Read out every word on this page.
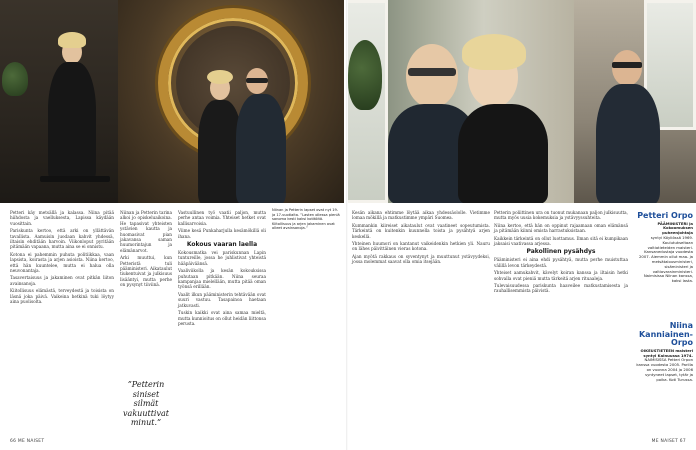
Petteri käy metsällä ja kalassa. Niina pitää hiihdosta ja vaelluksesta, Lapissa käydään vuosittain.

Pariskunta kertoo, että arki on yllättävän tavallista. Aamuisin juodaan kahvit yhdessä, iltaisin ehditään harvoin. Viikonloput pyritään pitämään vapaana, mutta aina se ei onnistu.

Kotona ei pahemmin puhuta politiikkaa, vaan lapsista, koirasta ja arjen asioista. Niina kertoo, että hän kuuntelee, mutta ei halua olla neuvonantaja.

Tasavertaisuus ja jakaminen ovat pitkän liiton avainsanoja.

Kiitollisuus elämästä, terveydestä ja toisista on läsnä joka päivä. Vaikeina hetkinä tuki löytyy aina puolisolta.

”Petterin siniset silmät vakuuttivat minut.”

Niinan ja Petterin tarina alkoi jo opiskeluaikoina. He tapasivat yhteisten ystävien kautta ja huomasivat pian jakavansa saman huumorintajun ja elämänarvot.

Arki muuttui, kun Petteristä tuli pääministeri. Aikataulut tiukentuivat ja julkisuus lisääntyi, mutta perhe on pysynyt tiiviinä.

Vastuullinen työ vaatii paljon, mutta perhe antaa voimia. Yhteiset hetket ovat kallisarvoisia.

Viime kesä Punkaharjulla kesämökillä oli ihana.

Kokous vaaran laella

Kokousmatka vei pariskunnan Lapin tuntureille, jossa he juhlistivat yhteistä hääpäiväänsä.

Vaaliviikolla ja kesän kokouksissa puhutaan pitkään. Niina seuraa kampanjaa mielellään, mutta pitää oman työnsä erillään.

Vaalit ilkun pääministerin tehtävään ovat suuri vastuu. Tasapainoa haetaan jatkuvasti.

Tuskin kaikki ovat aina samaa mieltä, mutta kunnioitus on ollut heidän liittonsa perusta.

Niinan ja Petterin lapset ovat nyt 19- ja 17-vuotiaita. ”Lasten ollessa pieniä sanoma kesti kaksi kotitöitä. Kiitollisuus ja arjen jakaminen ovat olleet avainsanoja.”
66 ME NAISET

Kesän aikana ehtimme löytää aikaa yhdessäololle. Vietimme lomaa mökillä ja matkustimme ympäri Suomea.

Kummankin kiireiset aikataulut ovat vaatineet sopeutumista. Tärkeintä on kuitenkin kuunnella toista ja pysähtyä arjen keskellä.

Yhteinen huumori on kantanut vaikeidenkin hetkien yli. Nauru on lähes päivittäinen vieras kotona.

Ajan myötä rakkaus on syventynyt ja muuttunut ystävyydeksi, jossa molemmat saavat olla omia itsejään.

Petterin poliittinen ura on tuonut mukanaan paljon julkisuutta, mutta myös uusia kokemuksia ja ystävyyssuhteita.

Niina kertoo, että hän on oppinut rajaamaan oman elämänsä ja pitämään kiinni omista harrastuksistaan.

Kaikkein tärkeintä on ollut luottamus. Ilman sitä ei kumpikaan jaksaisi vaativassa arjessa.

Pakollinen pysähdys

Pääministeri ei aina ehdi pysähtyä, mutta perhe muistuttaa välillä levon tärkeydestä.

Yhteiset aamukahvit, kävelyt koiran kanssa ja iltaisin hetki sohvalla ovat pieniä mutta tärkeitä arjen rituaaleja.

Tulevaisuudessa pariskunta haaveilee matkustamisesta ja rauhallisemmista päivistä.

Petteri Orpo
PÄÄMINISTERI ja Kokoomuksen puheenjohtaja
syntyi Köyliössä 1969. Koulutukseltaan valtiotieteiden maisteri. Kansanedustaja vuodesta 2007. Aiemmin ollut maa- ja metsätalousministeri, sisäministeri ja valtiovarainministeri. Naimisissa Niinan kanssa, kaksi lasta.
Niina Kanniainen-Orpo
OIKEUSTIETEEN maisteri syntyi Kainuussa 1974.
NAIMISISSA Petteri Orpon kanssa vuodesta 2005. Parilla on vuonna 2004 ja 2006 syntyneet lapset, tytär ja poika. Koti Turussa.
ME NAISET 67
